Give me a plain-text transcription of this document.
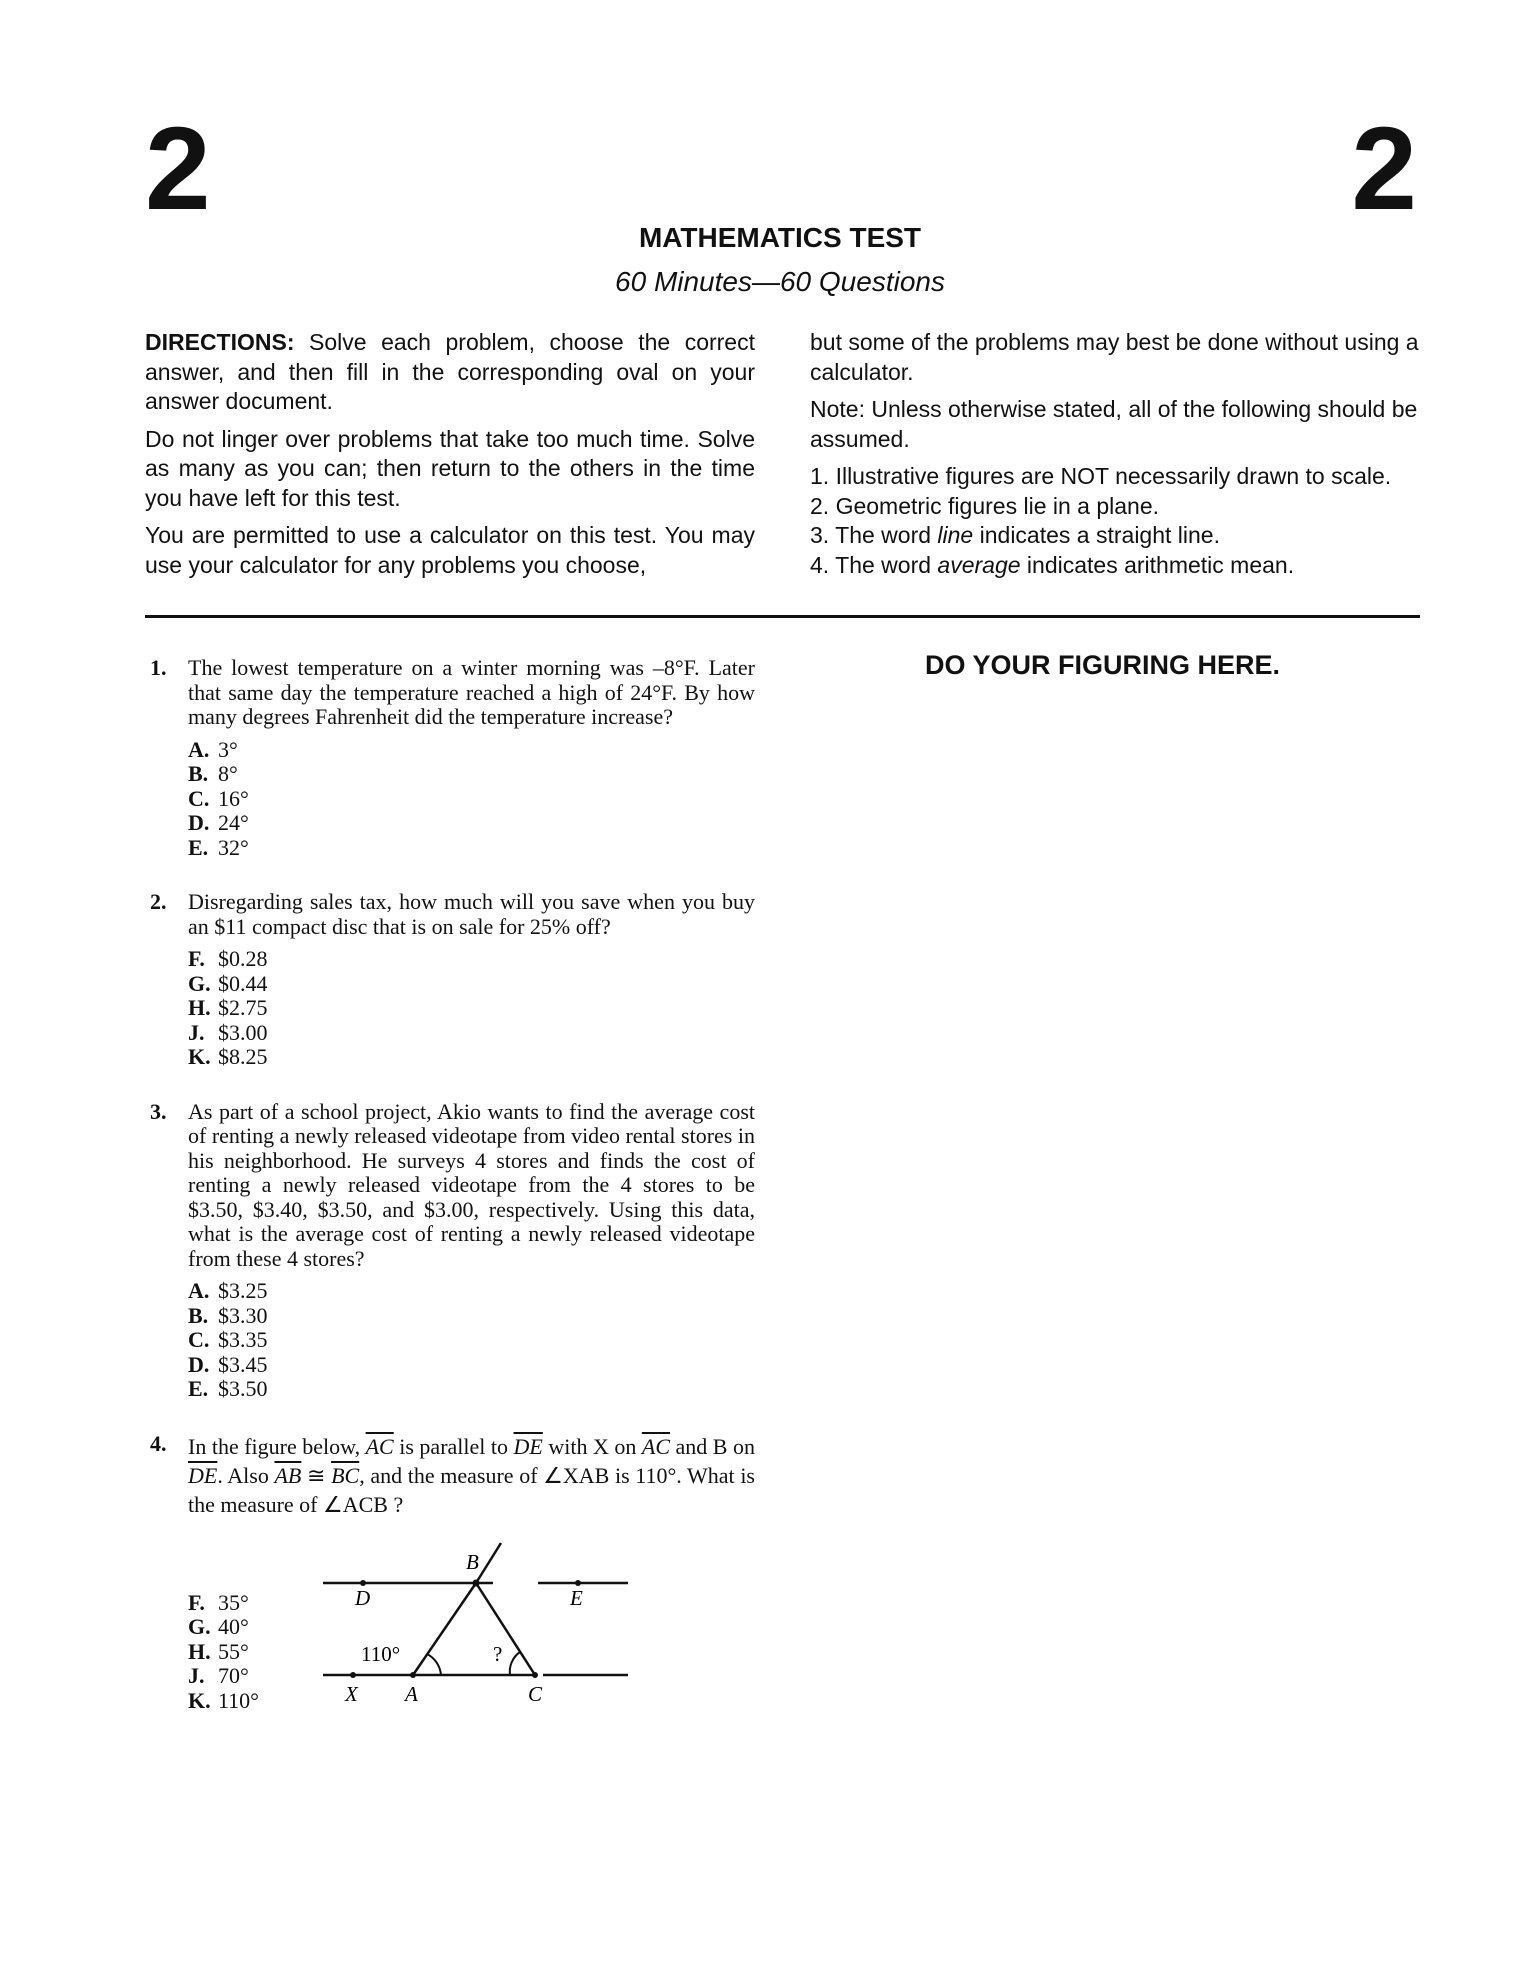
2	2
MATHEMATICS TEST
60 Minutes—60 Questions

DIRECTIONS: Solve each problem, choose the correct answer, and then fill in the corresponding oval on your answer document.

Do not linger over problems that take too much time. Solve as many as you can; then return to the others in the time you have left for this test.

You are permitted to use a calculator on this test. You may use your calculator for any problems you choose,

but some of the problems may best be done without using a calculator.

Note: Unless otherwise stated, all of the following should be assumed.

1. Illustrative figures are NOT necessarily drawn to scale.
2. Geometric figures lie in a plane.
3. The word line indicates a straight line.
4. The word average indicates arithmetic mean.
DO YOUR FIGURING HERE.
1. The lowest temperature on a winter morning was –8°F. Later that same day the temperature reached a high of 24°F. By how many degrees Fahrenheit did the temperature increase?
A. 3°
B. 8°
C. 16°
D. 24°
E. 32°
2. Disregarding sales tax, how much will you save when you buy an $11 compact disc that is on sale for 25% off?
F. $0.28
G. $0.44
H. $2.75
J. $3.00
K. $8.25
3. As part of a school project, Akio wants to find the average cost of renting a newly released videotape from video rental stores in his neighborhood. He surveys 4 stores and finds the cost of renting a newly released videotape from the 4 stores to be $3.50, $3.40, $3.50, and $3.00, respectively. Using this data, what is the average cost of renting a newly released videotape from these 4 stores?
A. $3.25
B. $3.30
C. $3.35
D. $3.45
E. $3.50
4. In the figure below, $\overline{AC}$ is parallel to $\overline{DE}$ with X on $\overline{AC}$ and B on $\overline{DE}$. Also $\overline{AB}$ ≅ $\overline{BC}$, and the measure of ∠XAB is 110°. What is the measure of ∠ACB ?
F. 35°
G. 40°
H. 55°
J. 70°
K. 110°
B
D	E
X A	C
110°	?
